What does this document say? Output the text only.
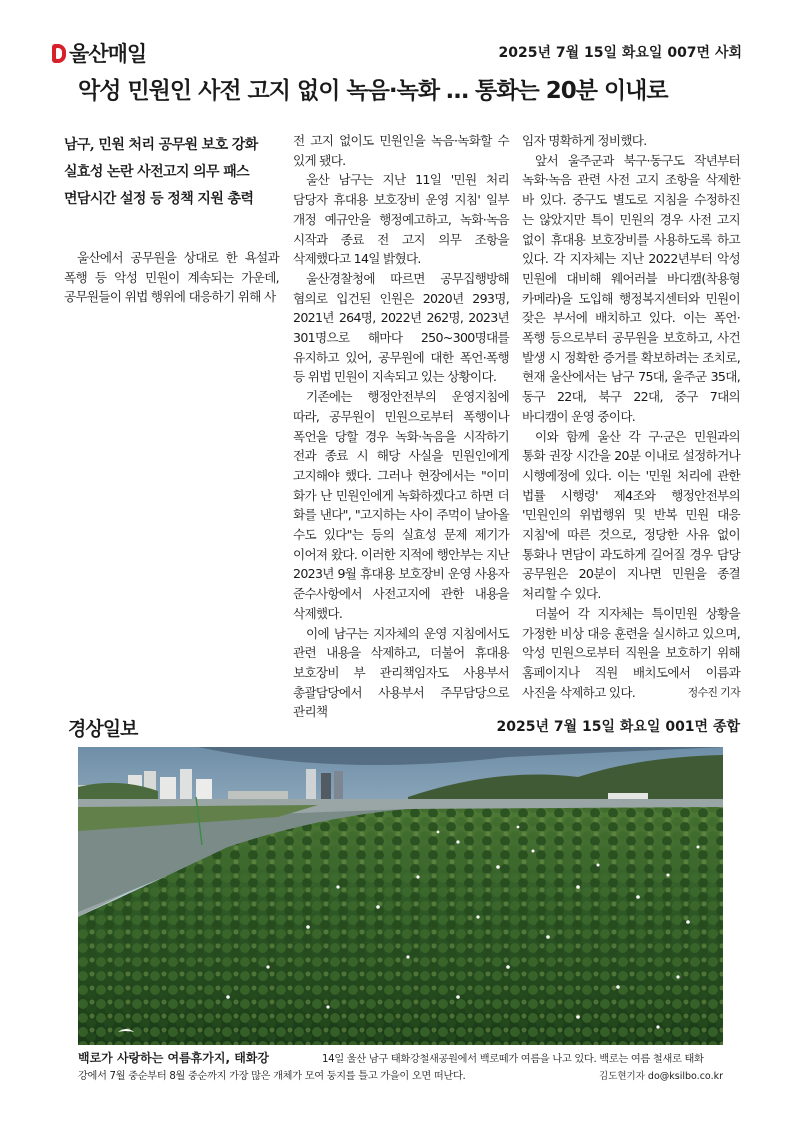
울산매일	2025년 7월 15일 화요일 007면 사회
악성 민원인 사전 고지 없이 녹음·녹화 … 통화는 20분 이내로
남구, 민원 처리 공무원 보호 강화
실효성 논란 사전고지 의무 패스
면담시간 설정 등 정책 지원 총력

울산에서 공무원을 상대로 한 욕설과 폭행 등 악성 민원이 계속되는 가운데, 공무원들이 위법 행위에 대응하기 위해 사

전 고지 없이도 민원인을 녹음·녹화할 수 있게 됐다.

울산 남구는 지난 11일 '민원 처리 담당자 휴대용 보호장비 운영 지침' 일부 개정 예규안을 행정예고하고, 녹화·녹음 시작과 종료 전 고지 의무 조항을 삭제했다고 14일 밝혔다.

울산경찰청에 따르면 공무집행방해 혐의로 입건된 인원은 2020년 293명, 2021년 264명, 2022년 262명, 2023년 301명으로 해마다 250~300명대를 유지하고 있어, 공무원에 대한 폭언·폭행 등 위법 민원이 지속되고 있는 상황이다.

기존에는 행정안전부의 운영지침에 따라, 공무원이 민원으로부터 폭행이나 폭언을 당할 경우 녹화·녹음을 시작하기 전과 종료 시 해당 사실을 민원인에게 고지해야 했다. 그러나 현장에서는 "이미 화가 난 민원인에게 녹화하겠다고 하면 더 화를 낸다", "고지하는 사이 주먹이 날아올 수도 있다"는 등의 실효성 문제 제기가 이어져 왔다. 이러한 지적에 행안부는 지난 2023년 9월 휴대용 보호장비 운영 사용자 준수사항에서 사전고지에 관한 내용을 삭제했다.

이에 남구는 지자체의 운영 지침에서도 관련 내용을 삭제하고, 더불어 휴대용 보호장비 부 관리책임자도 사용부서 총괄담당에서 사용부서 주무담당으로 관리책

임자 명확하게 정비했다.

앞서 울주군과 북구·동구도 작년부터 녹화·녹음 관련 사전 고지 조항을 삭제한 바 있다. 중구도 별도로 지침을 수정하진 는 않았지만 특이 민원의 경우 사전 고지 없이 휴대용 보호장비를 사용하도록 하고 있다. 각 지자체는 지난 2022년부터 악성 민원에 대비해 웨어러블 바디캠(착용형 카메라)을 도입해 행정복지센터와 민원이 잦은 부서에 배치하고 있다. 이는 폭언·폭행 등으로부터 공무원을 보호하고, 사건 발생 시 정확한 증거를 확보하려는 조치로, 현재 울산에서는 남구 75대, 울주군 35대, 동구 22대, 북구 22대, 중구 7대의 바디캠이 운영 중이다.

이와 함께 울산 각 구·군은 민원과의 통화 권장 시간을 20분 이내로 설정하거나 시행예정에 있다. 이는 '민원 처리에 관한 법률 시행령' 제4조와 행정안전부의 '민원인의 위법행위 및 반복 민원 대응 지침'에 따른 것으로, 정당한 사유 없이 통화나 면담이 과도하게 길어질 경우 담당 공무원은 20분이 지나면 민원을 종결 처리할 수 있다.

더불어 각 지자체는 특이민원 상황을 가정한 비상 대응 훈련을 실시하고 있으며, 악성 민원으로부터 직원을 보호하기 위해 홈페이지나 직원 배치도에서 이름과 사진을 삭제하고 있다.	정수진 기자
경상일보	2025년 7월 15일 화요일 001면 종합
백로가 사랑하는 여름휴가지, 태화강	14일 울산 남구 태화강철새공원에서 백로떼가 여름을 나고 있다. 백로는 여름 철새로 태화
강에서 7월 중순부터 8월 중순까지 가장 많은 개체가 모여 둥지를 틀고 가을이 오면 떠난다.	김도현기자 do@ksilbo.co.kr
